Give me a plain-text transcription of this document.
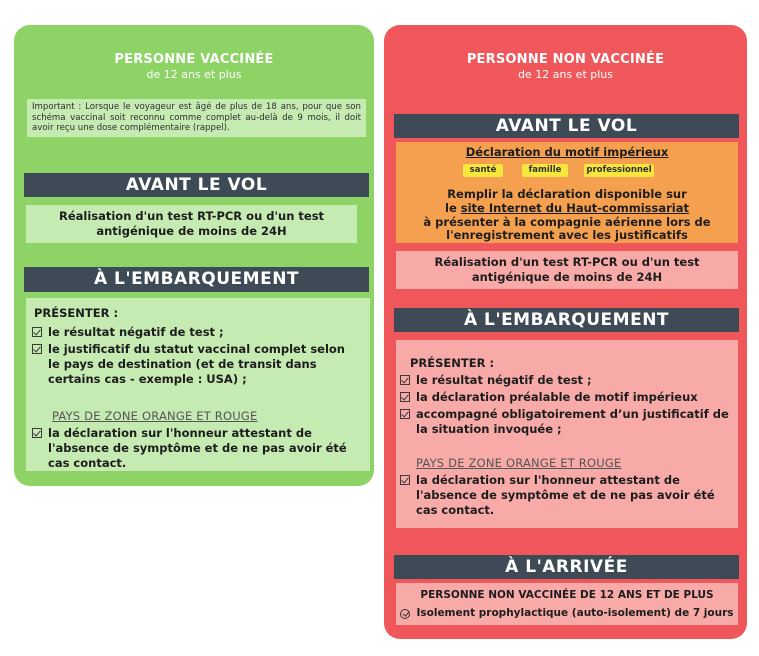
PERSONNE VACCINÉE
de 12 ans et plus
Important : Lorsque le voyageur est âgé de plus de 18 ans, pour que son schéma vaccinal soit reconnu comme complet au-delà de 9 mois, il doit avoir reçu une dose complémentaire (rappel).
AVANT LE VOL
Réalisation d'un test RT-PCR ou d'un test antigénique de moins de 24H
À L'EMBARQUEMENT
PRÉSENTER :
le résultat négatif de test ;
le justificatif du statut vaccinal complet selon le pays de destination (et de transit dans certains cas - exemple : USA) ;
PAYS DE ZONE ORANGE ET ROUGE
la déclaration sur l'honneur attestant de l'absence de symptôme et de ne pas avoir été cas contact.
PERSONNE NON VACCINÉE
de 12 ans et plus
AVANT LE VOL
Déclaration du motif impérieux
santé	famille	professionnel
Remplir la déclaration disponible sur
le site Internet du Haut-commissariat
à présenter à la compagnie aérienne lors de
l'enregistrement avec les justificatifs
Réalisation d'un test RT-PCR ou d'un test antigénique de moins de 24H
À L'EMBARQUEMENT
PRÉSENTER :
le résultat négatif de test ;
la déclaration préalable de motif impérieux
accompagné obligatoirement d’un justificatif de la situation invoquée ;
PAYS DE ZONE ORANGE ET ROUGE
la déclaration sur l'honneur attestant de l'absence de symptôme et de ne pas avoir été cas contact.
À L'ARRIVÉE
PERSONNE NON VACCINÉE DE 12 ANS ET DE PLUS
Isolement prophylactique (auto-isolement) de 7 jours
